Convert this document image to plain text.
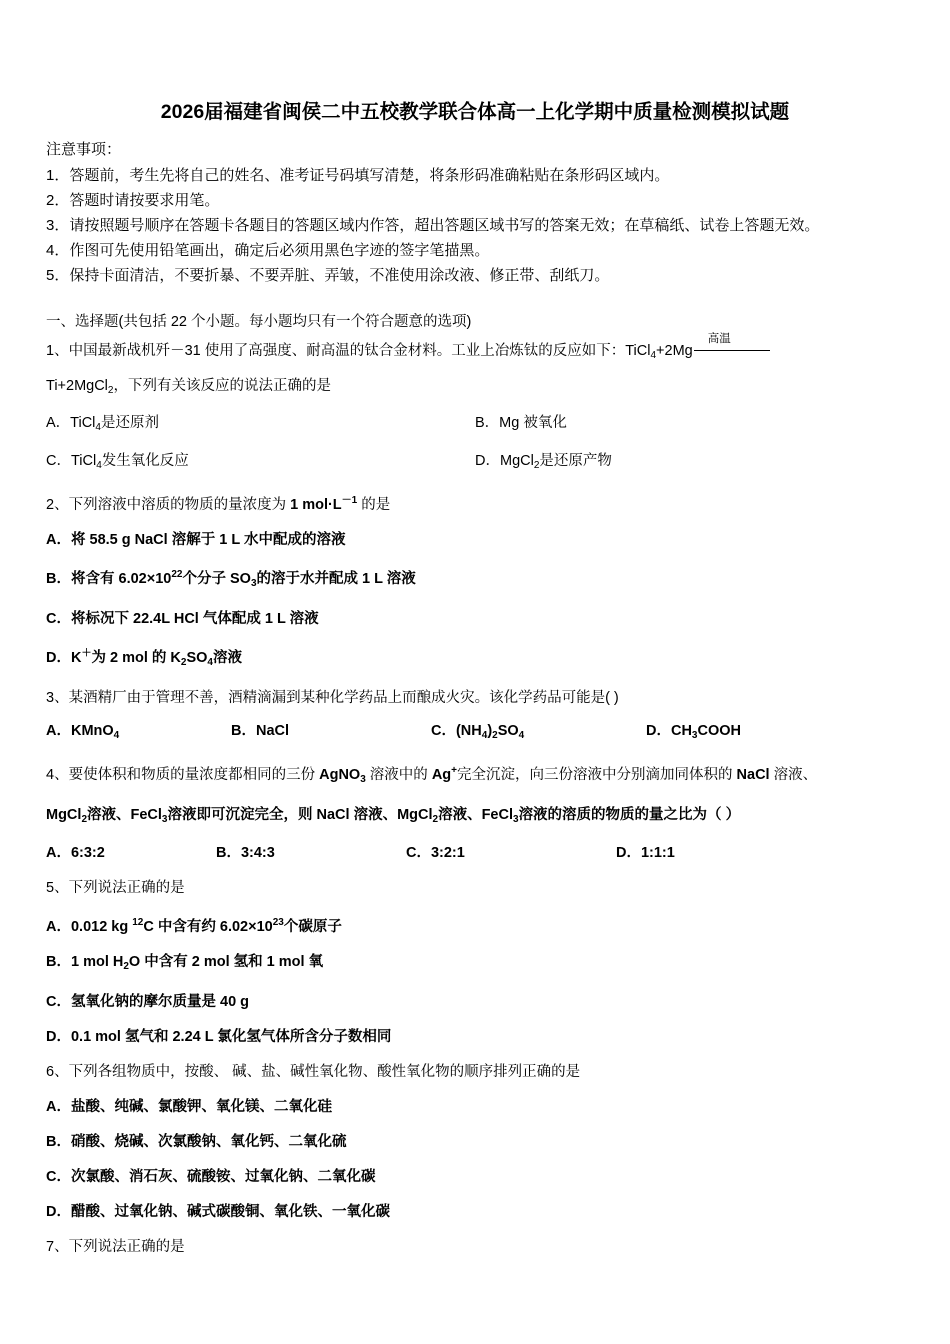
2026届福建省闽侯二中五校教学联合体高一上化学期中质量检测模拟试题
注意事项：

1．答题前，考生先将自己的姓名、准考证号码填写清楚，将条形码准确粘贴在条形码区域内。

2．答题时请按要求用笔。

3．请按照题号顺序在答题卡各题目的答题区域内作答，超出答题区域书写的答案无效；在草稿纸、试卷上答题无效。

4．作图可先使用铅笔画出，确定后必须用黑色字迹的签字笔描黑。

5．保持卡面清洁，不要折暴、不要弄脏、弄皱，不准使用涂改液、修正带、刮纸刀。

一、选择题(共包括 22 个小题。每小题均只有一个符合题意的选项)
1、中国最新战机歼－31 使用了高强度、耐高温的钛合金材料。工业上冶炼钛的反应如下：TiCl$_4$+2Mg
高温
Ti+2MgCl$_2$，下列有关该反应的说法正确的是
A．TiCl$_4$是还原剂	B．Mg 被氧化
C．TiCl$_4$发生氧化反应	D．MgCl$_2$是还原产物
2、下列溶液中溶质的物质的量浓度为 1 $mol\cdot L^{-1}$ 的是
A．将 58.5 g NaCl 溶解于 1 L 水中配成的溶液
B．将含有 $6.02\times 10^{22}$个分子 $SO_3$的溶于水并配成 1 L 溶液
C．将标况下 22.4L HCl 气体配成 1 L 溶液
D．K＋为 2 mol 的 $K_2SO_4$溶液
3、某酒精厂由于管理不善，酒精滴漏到某种化学药品上而酿成火灾。该化学药品可能是( )
A．KMnO$_4$	B．NaCl	C．$(NH_4)_2SO_4$	D．$CH_3COOH$
4、要使体积和物质的量浓度都相同的三份 AgNO$_3$ 溶液中的 Ag+完全沉淀，向三份溶液中分别滴加同体积的 NaCl 溶液、
MgCl$_2$溶液、FeCl$_3$溶液即可沉淀完全，则 NaCl 溶液、MgCl$_2$溶液、FeCl$_3$溶液的溶质的物质的量之比为（ ）
A．6:3:2	B．3:4:3	C．3:2:1	D．1:1:1
5、下列说法正确的是
A．0.012 kg $^{12}$C 中含有约 $6.02\times 10^{23}$个碳原子
B．1 mol $H_2O$ 中含有 2 mol 氢和 1 mol 氧
C．氢氧化钠的摩尔质量是 40 g
D．0.1 mol 氢气和 2.24 L 氯化氢气体所含分子数相同
6、下列各组物质中，按酸、 碱、盐、碱性氧化物、酸性氧化物的顺序排列正确的是
A．盐酸、纯碱、氯酸钾、氧化镁、二氧化硅
B．硝酸、烧碱、次氯酸钠、氧化钙、二氧化硫
C．次氯酸、消石灰、硫酸铵、过氧化钠、二氧化碳
D．醋酸、过氧化钠、碱式碳酸铜、氧化铁、一氧化碳
7、下列说法正确的是
